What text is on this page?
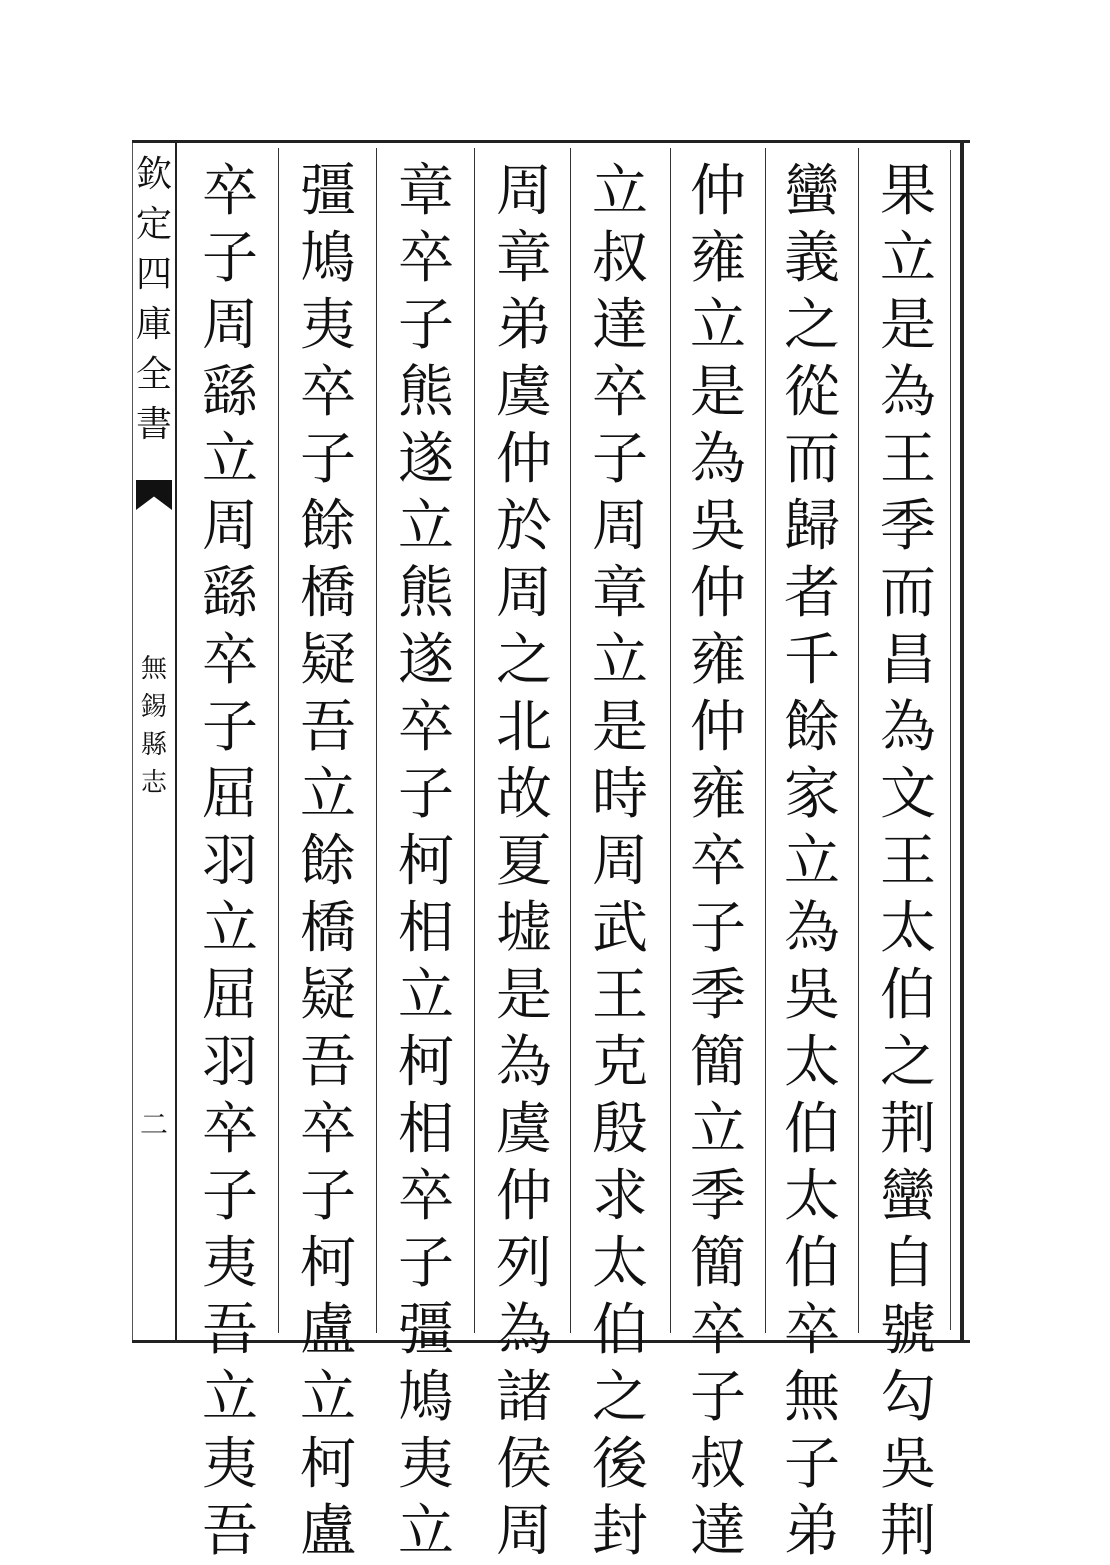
欽
定
四
庫
全
書
無
錫
縣
志
二
果
立
是
為
王
季
而
昌
為
文
王
太
伯
之
荆
蠻
自
號
勾
吳
荆
蠻
義
之
從
而
歸
者
千
餘
家
立
為
吳
太
伯
太
伯
卒
無
子
弟
仲
雍
立
是
為
吳
仲
雍
仲
雍
卒
子
季
簡
立
季
簡
卒
子
叔
達
立
叔
達
卒
子
周
章
立
是
時
周
武
王
克
殷
求
太
伯
之
後
封
周
章
弟
虞
仲
於
周
之
北
故
夏
墟
是
為
虞
仲
列
為
諸
侯
周
章
卒
子
熊
遂
立
熊
遂
卒
子
柯
相
立
柯
相
卒
子
彊
鳩
夷
立
彊
鳩
夷
卒
子
餘
橋
疑
吾
立
餘
橋
疑
吾
卒
子
柯
盧
立
柯
盧
卒
子
周
繇
立
周
繇
卒
子
屈
羽
立
屈
羽
卒
子
夷
吾
立
夷
吾
